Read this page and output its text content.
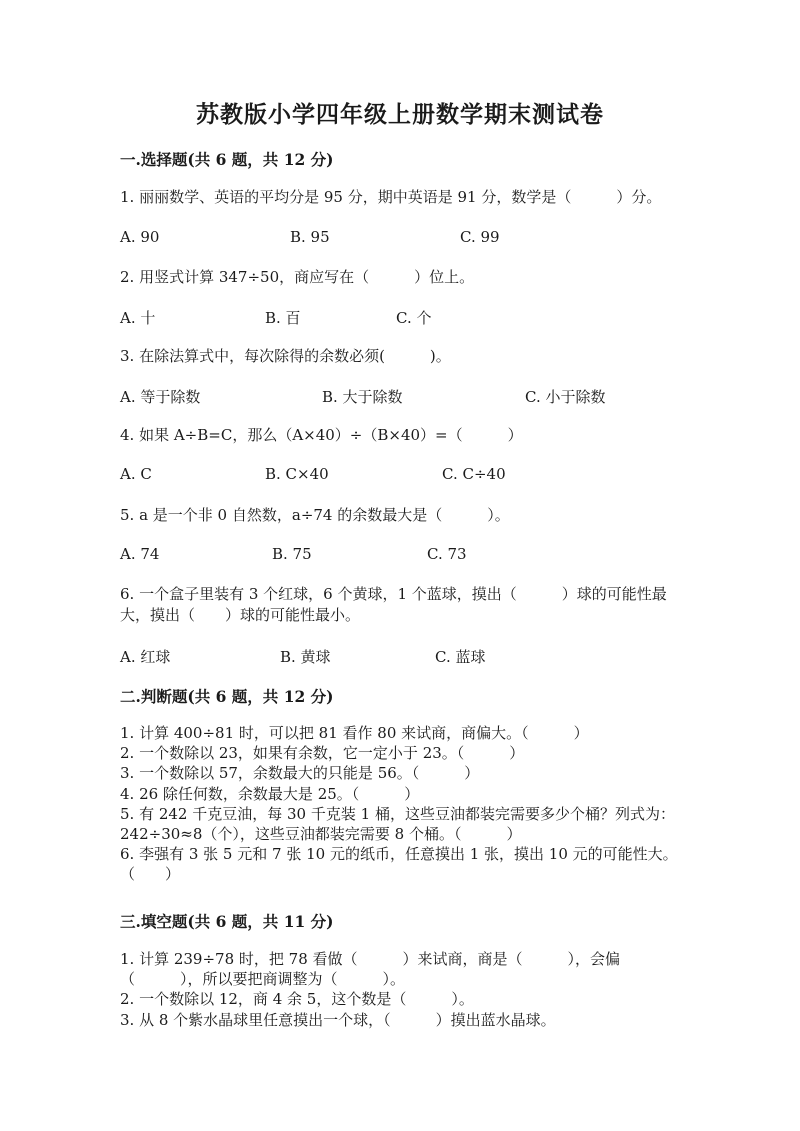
苏教版小学四年级上册数学期末测试卷
一.选择题(共 6 题，共 12 分)
1. 丽丽数学、英语的平均分是 95 分，期中英语是 91 分，数学是（　　　）分。
A. 90	B. 95	C. 99
2. 用竖式计算 347÷50，商应写在（　　　）位上。
A. 十	B. 百	C. 个
3. 在除法算式中，每次除得的余数必须(　　　)。
A. 等于除数	B. 大于除数	C. 小于除数
4. 如果 A÷B=C，那么（A×40）÷（B×40）=（　　　）
A. C	B. C×40	C. C÷40
5. a 是一个非 0 自然数，a÷74 的余数最大是（　　　）。
A. 74	B. 75	C. 73
6. 一个盒子里装有 3 个红球，6 个黄球，1 个蓝球，摸出（　　　）球的可能性最大，摸出（　　）球的可能性最小。
A. 红球	B. 黄球	C. 蓝球
二.判断题(共 6 题，共 12 分)
1. 计算 400÷81 时，可以把 81 看作 80 来试商，商偏大。（　　　）
2. 一个数除以 23，如果有余数，它一定小于 23。（　　　）
3. 一个数除以 57，余数最大的只能是 56。（　　　）
4. 26 除任何数，余数最大是 25。（　　　）
5. 有 242 千克豆油，每 30 千克装 1 桶，这些豆油都装完需要多少个桶？列式为：242÷30≈8（个），这些豆油都装完需要 8 个桶。（　　　）
6. 李强有 3 张 5 元和 7 张 10 元的纸币，任意摸出 1 张，摸出 10 元的可能性大。　　　（　　）
三.填空题(共 6 题，共 11 分)
1. 计算 239÷78 时，把 78 看做（　　　）来试商，商是（　　　），会偏（　　　），所以要把商调整为（　　　）。
2. 一个数除以 12，商 4 余 5，这个数是（　　　）。
3. 从 8 个紫水晶球里任意摸出一个球，（　　　）摸出蓝水晶球。
